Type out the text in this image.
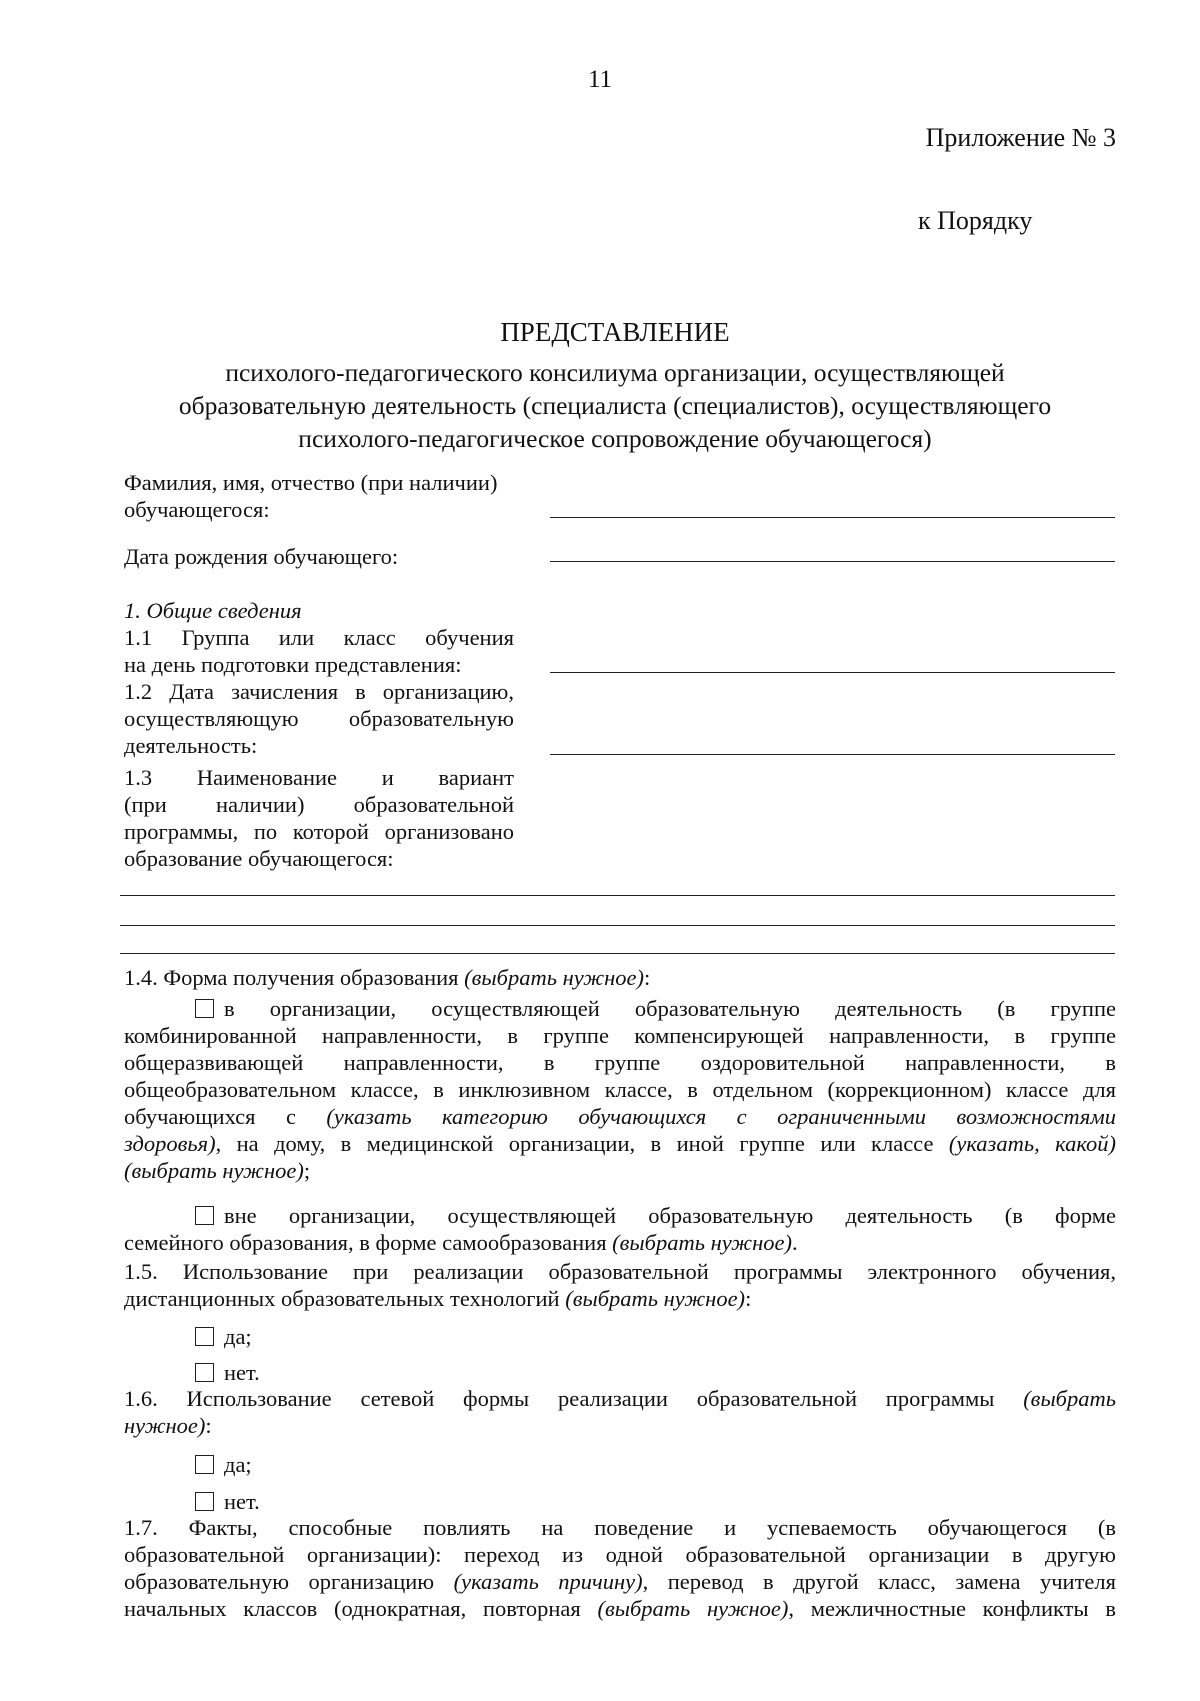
11
Приложение № 3
к Порядку
ПРЕДСТАВЛЕНИЕ

психолого-педагогического консилиума организации, осуществляющей

образовательную деятельность (специалиста (специалистов), осуществляющего

психолого-педагогическое сопровождение обучающегося)

Фамилия, имя, отчество (при наличии)

обучающегося:

Дата рождения обучающего:
1. Общие сведения

1.1 Группа или класс обучения

на день подготовки представления:

1.2 Дата зачисления в организацию,

осуществляющую образовательную

деятельность:

1.3 Наименование и вариант

(при наличии) образовательной

программы, по которой организовано

образование обучающегося:

1.4. Форма получения образования (выбрать нужное):

в организации, осуществляющей образовательную деятельность (в группе

комбинированной направленности, в группе компенсирующей направленности, в группе

общеразвивающей направленности, в группе оздоровительной направленности, в

общеобразовательном классе, в инклюзивном классе, в отдельном (коррекционном) классе для

обучающихся с (указать категорию обучающихся с ограниченными возможностями

здоровья), на дому, в медицинской организации, в иной группе или классе (указать, какой)

(выбрать нужное);

вне организации, осуществляющей образовательную деятельность (в форме

семейного образования, в форме самообразования (выбрать нужное).

1.5. Использование при реализации образовательной программы электронного обучения,

дистанционных образовательных технологий (выбрать нужное):

да;
нет.

1.6. Использование сетевой формы реализации образовательной программы (выбрать

нужное):

да;
нет.

1.7. Факты, способные повлиять на поведение и успеваемость обучающегося (в

образовательной организации): переход из одной образовательной организации в другую

образовательную организацию (указать причину), перевод в другой класс, замена учителя

начальных классов (однократная, повторная (выбрать нужное), межличностные конфликты в
